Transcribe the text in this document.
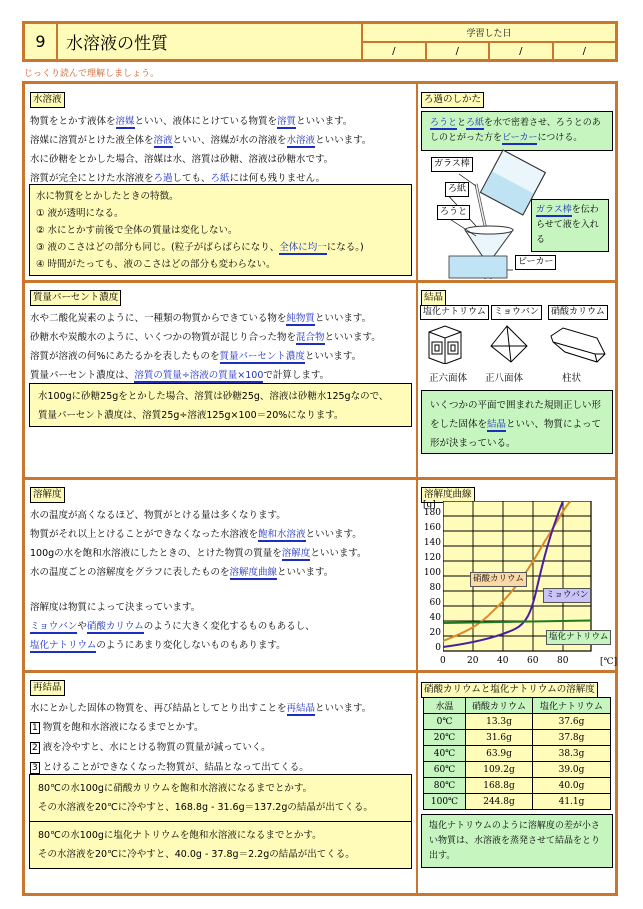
9	水溶液の性質	学習した日
/	/	/	/
じっくり読んで理解しましょう。
水溶液
物質をとかす液体を溶媒といい、液体にとけている物質を溶質といいます。
溶媒に溶質がとけた液全体を溶液といい、溶媒が水の溶液を水溶液といいます。
水に砂糖をとかした場合、溶媒は水、溶質は砂糖、溶液は砂糖水です。
溶質が完全にとけた水溶液をろ過しても、ろ紙には何も残りません。
水に物質をとかしたときの特徴。
① 液が透明になる。
② 水にとかす前後で全体の質量は変化しない。
③ 液のこさはどの部分も同じ。(粒子がばらばらになり、全体に均一になる。)
④ 時間がたっても、液のこさはどの部分も変わらない。
ろ過のしかた
ろうととろ紙を水で密着させ、ろうとのあしのとがった方をビーカーにつける。
ガラス棒
ろ紙
ろうと
ビーカー
ガラス棒を伝わらせて液を入れる
質量パーセント濃度
水や二酸化炭素のように、一種類の物質からできている物を純物質といいます。
砂糖水や炭酸水のように、いくつかの物質が混じり合った物を混合物といいます。
溶質が溶液の何%にあたるかを表したものを質量パーセント濃度といいます。
質量パーセント濃度は、溶質の質量÷溶液の質量×100で計算します。
水100gに砂糖25gをとかした場合、溶質は砂糖25g、溶液は砂糖水125gなので、
質量パーセント濃度は、溶質25g÷溶液125g×100＝20%になります。
結晶
塩化ナトリウム ミョウバン	硝酸カリウム
正六面体 正八面体	柱状
いくつかの平面で囲まれた規則正しい形をした固体を結晶といい、物質によって形が決まっている。
溶解度
水の温度が高くなるほど、物質がとける量は多くなります。
物質がそれ以上とけることができなくなった水溶液を飽和水溶液といいます。
100gの水を飽和水溶液にしたときの、とけた物質の質量を溶解度といいます。
水の温度ごとの溶解度をグラフに表したものを溶解度曲線といいます。
溶解度は物質によって決まっています。
ミョウバンや硝酸カリウムのように大きく変化するものもあるし、
塩化ナトリウムのようにあまり変化しないものもあります。
溶解度曲線
[g]
[℃]
180
160
140
120
100
80
60
40
20
0
0 20 40 60 80
硝酸カリウム
ミョウバン
塩化ナトリウム
再結晶
水にとかした固体の物質を、再び結晶としてとり出すことを再結晶といいます。
1 物質を飽和水溶液になるまでとかす。
2 液を冷やすと、水にとける物質の質量が減っていく。
3 とけることができなくなった物質が、結晶となって出てくる。
80℃の水100gに硝酸カリウムを飽和水溶液になるまでとかす。
その水溶液を20℃に冷やすと、168.8g - 31.6g＝137.2gの結晶が出てくる。
80℃の水100gに塩化ナトリウムを飽和水溶液になるまでとかす。
その水溶液を20℃に冷やすと、40.0g - 37.8g＝2.2gの結晶が出てくる。
硝酸カリウムと塩化ナトリウムの溶解度
水温	硝酸カリウム	塩化ナトリウム
0℃	13.3g	37.6g
20℃	31.6g	37.8g
40℃	63.9g	38.3g
60℃	109.2g	39.0g
80℃	168.8g	40.0g
100℃	244.8g	41.1g
塩化ナトリウムのように溶解度の差が小さい物質は、水溶液を蒸発させて結晶をとり出す。
